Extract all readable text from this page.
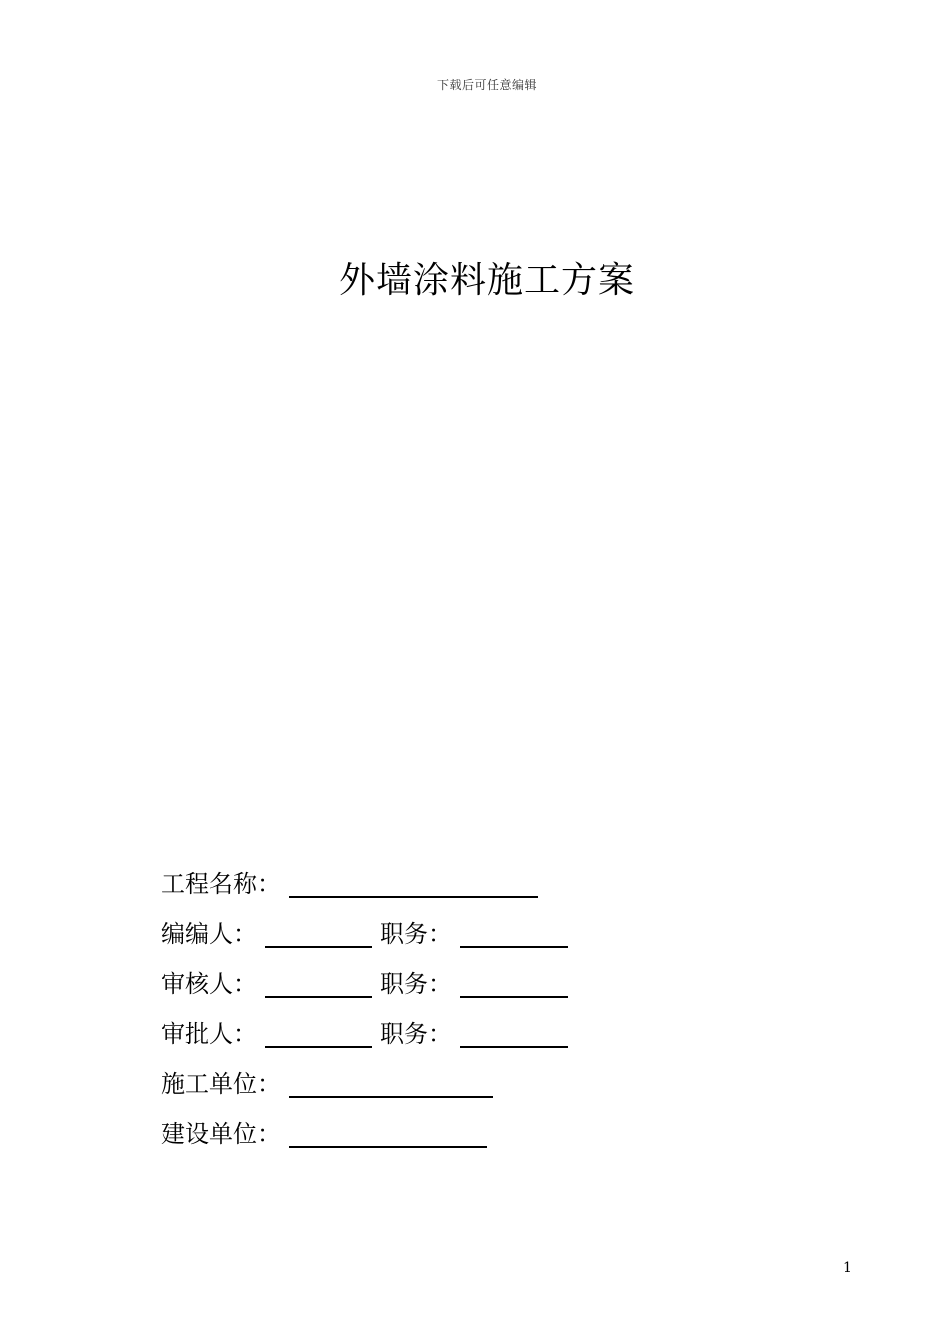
下载后可任意编辑
外墙涂料施工方案
工程名称：
编编人：	职务：
审核人：	职务：
审批人：	职务：
施工单位：
建设单位：
1
